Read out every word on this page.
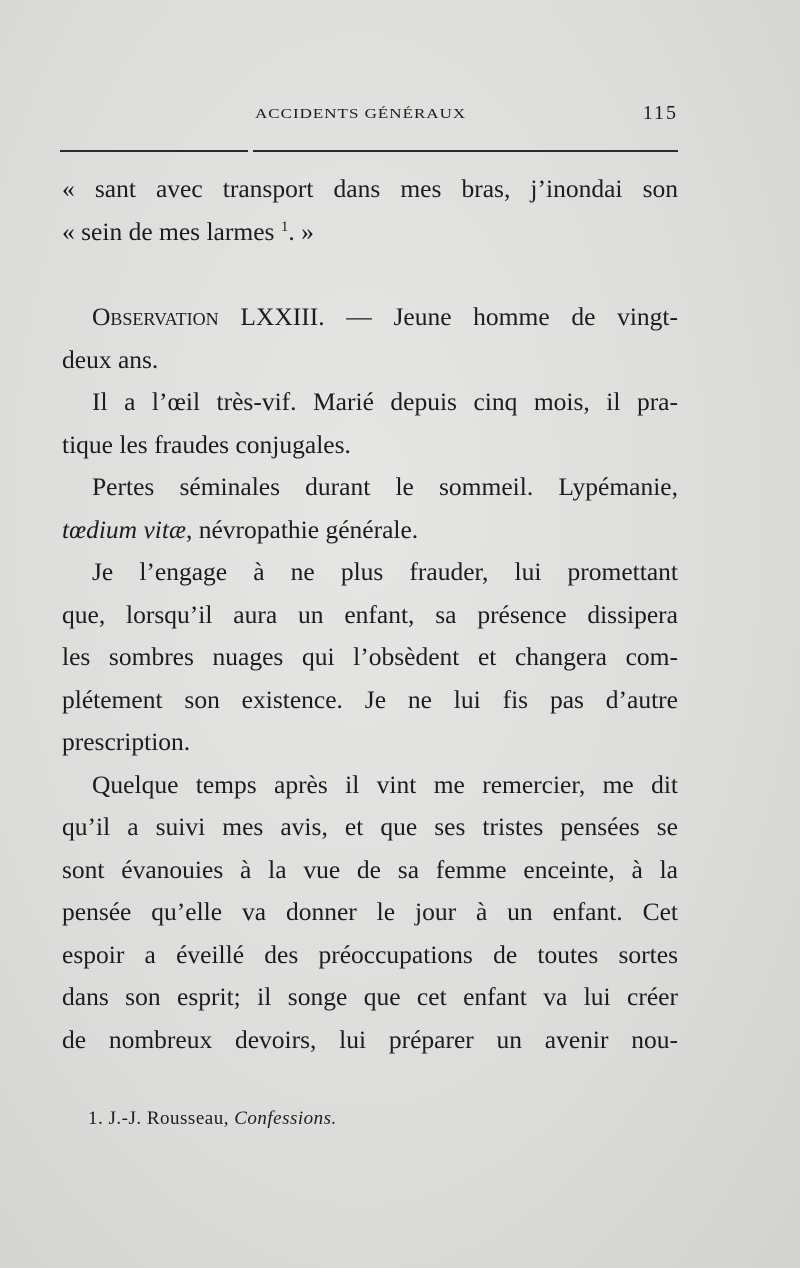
ACCIDENTS GÉNÉRAUX	115
« sant avec transport dans mes bras, j’inondai son
« sein de mes larmes $^1$. »
Observation LXXIII. — Jeune homme de vingt-
deux ans.
Il a l’œil très-vif. Marié depuis cinq mois, il pra-
tique les fraudes conjugales.
Pertes séminales durant le sommeil. Lypémanie,
tœdium vitæ, névropathie générale.
Je l’engage à ne plus frauder, lui promettant
que, lorsqu’il aura un enfant, sa présence dissipera
les sombres nuages qui l’obsèdent et changera com-
plétement son existence. Je ne lui fis pas d’autre
prescription.
Quelque temps après il vint me remercier, me dit
qu’il a suivi mes avis, et que ses tristes pensées se
sont évanouies à la vue de sa femme enceinte, à la
pensée qu’elle va donner le jour à un enfant. Cet
espoir a éveillé des préoccupations de toutes sortes
dans son esprit; il songe que cet enfant va lui créer
de nombreux devoirs, lui préparer un avenir nou-
1. J.-J. Rousseau, Confessions.
